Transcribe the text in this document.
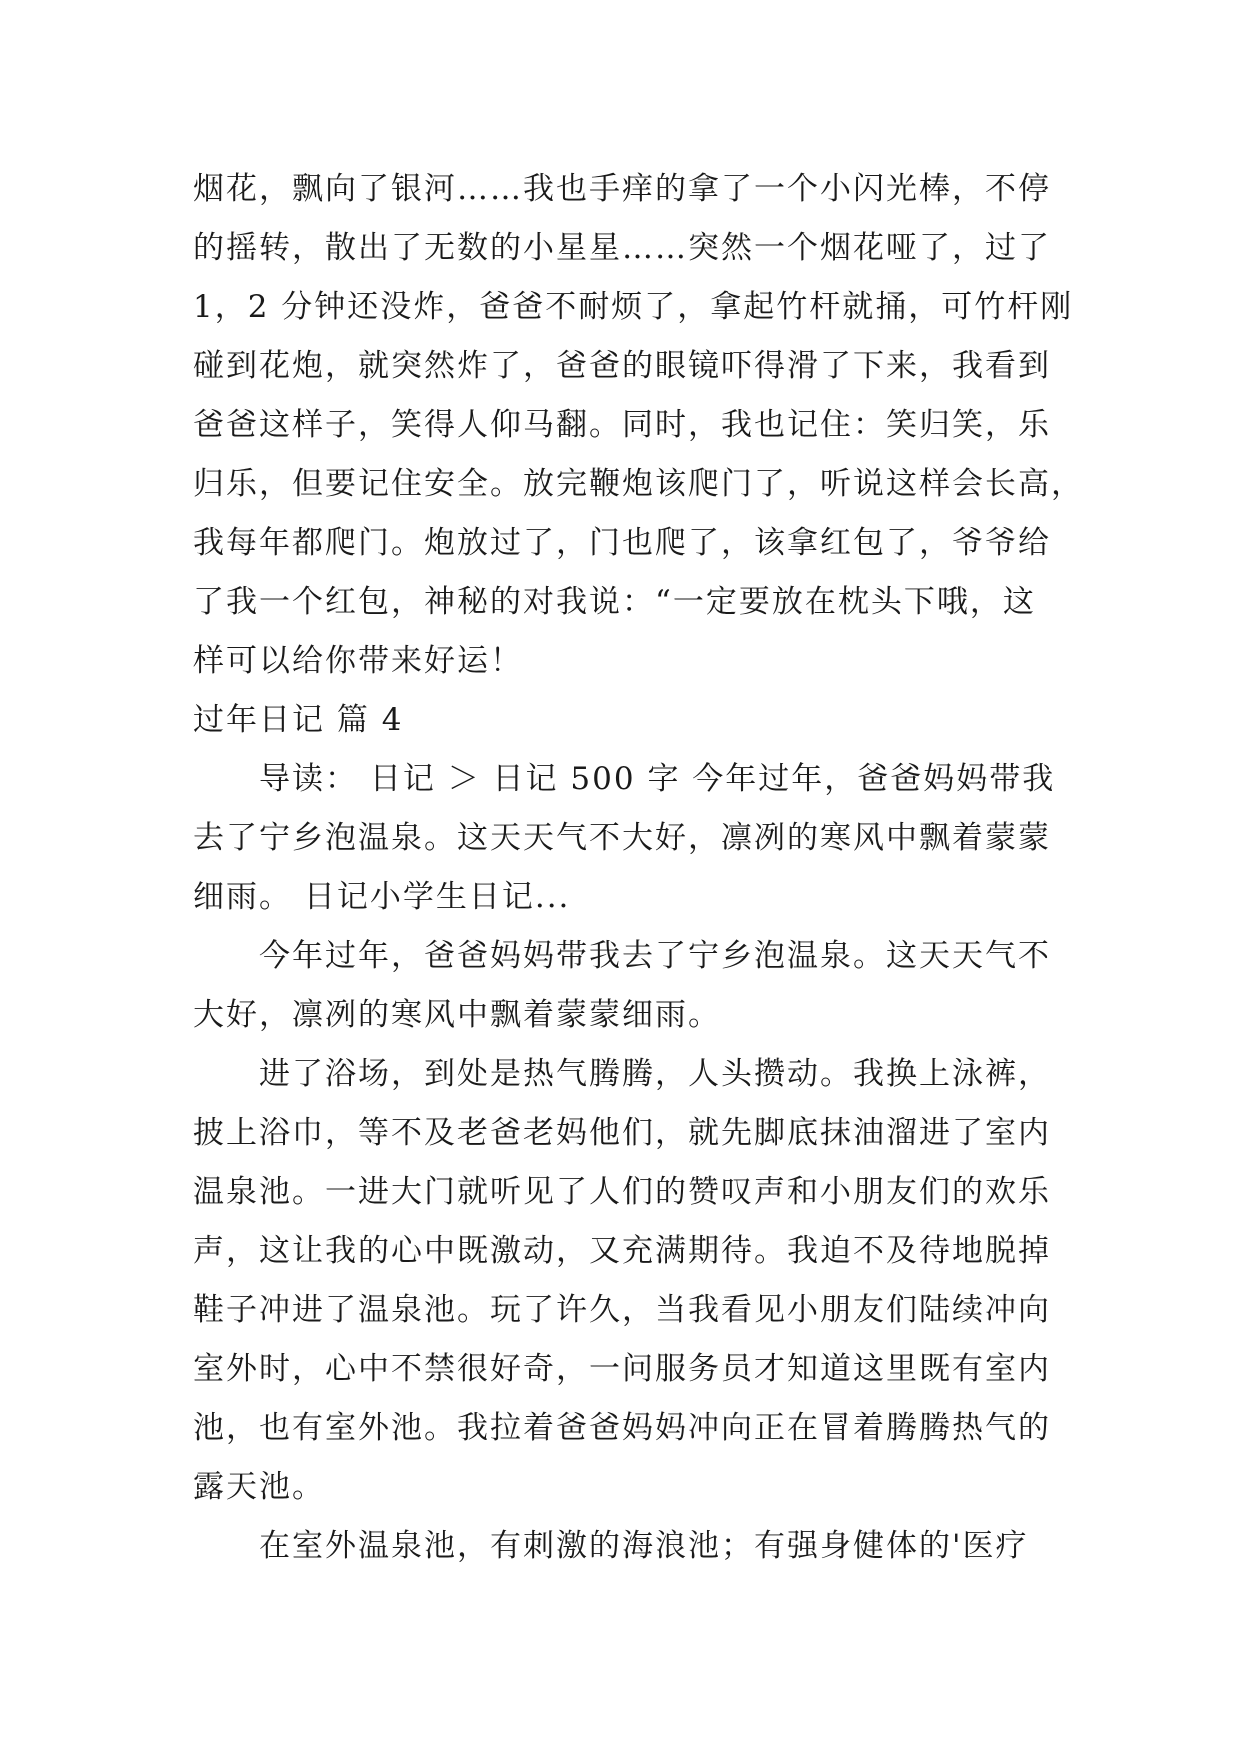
烟花，飘向了银河……我也手痒的拿了一个小闪光棒，不停
的摇转，散出了无数的小星星……突然一个烟花哑了，过了
1，2 分钟还没炸，爸爸不耐烦了，拿起竹杆就捅，可竹杆刚
碰到花炮，就突然炸了，爸爸的眼镜吓得滑了下来，我看到
爸爸这样子，笑得人仰马翻。同时，我也记住：笑归笑，乐
归乐，但要记住安全。放完鞭炮该爬门了，听说这样会长高，
我每年都爬门。炮放过了，门也爬了，该拿红包了，爷爷给
了我一个红包，神秘的对我说：“一定要放在枕头下哦，这
样可以给你带来好运！
过年日记 篇 4
　　导读： 日记 ＞ 日记 500 字 今年过年，爸爸妈妈带我
去了宁乡泡温泉。这天天气不大好，凛冽的寒风中飘着蒙蒙
细雨。 日记小学生日记...
　　今年过年，爸爸妈妈带我去了宁乡泡温泉。这天天气不
大好，凛冽的寒风中飘着蒙蒙细雨。
　　进了浴场，到处是热气腾腾，人头攒动。我换上泳裤，
披上浴巾，等不及老爸老妈他们，就先脚底抹油溜进了室内
温泉池。一进大门就听见了人们的赞叹声和小朋友们的欢乐
声，这让我的心中既激动，又充满期待。我迫不及待地脱掉
鞋子冲进了温泉池。玩了许久，当我看见小朋友们陆续冲向
室外时，心中不禁很好奇，一问服务员才知道这里既有室内
池，也有室外池。我拉着爸爸妈妈冲向正在冒着腾腾热气的
露天池。
　　在室外温泉池，有刺激的海浪池；有强身健体的'医疗
